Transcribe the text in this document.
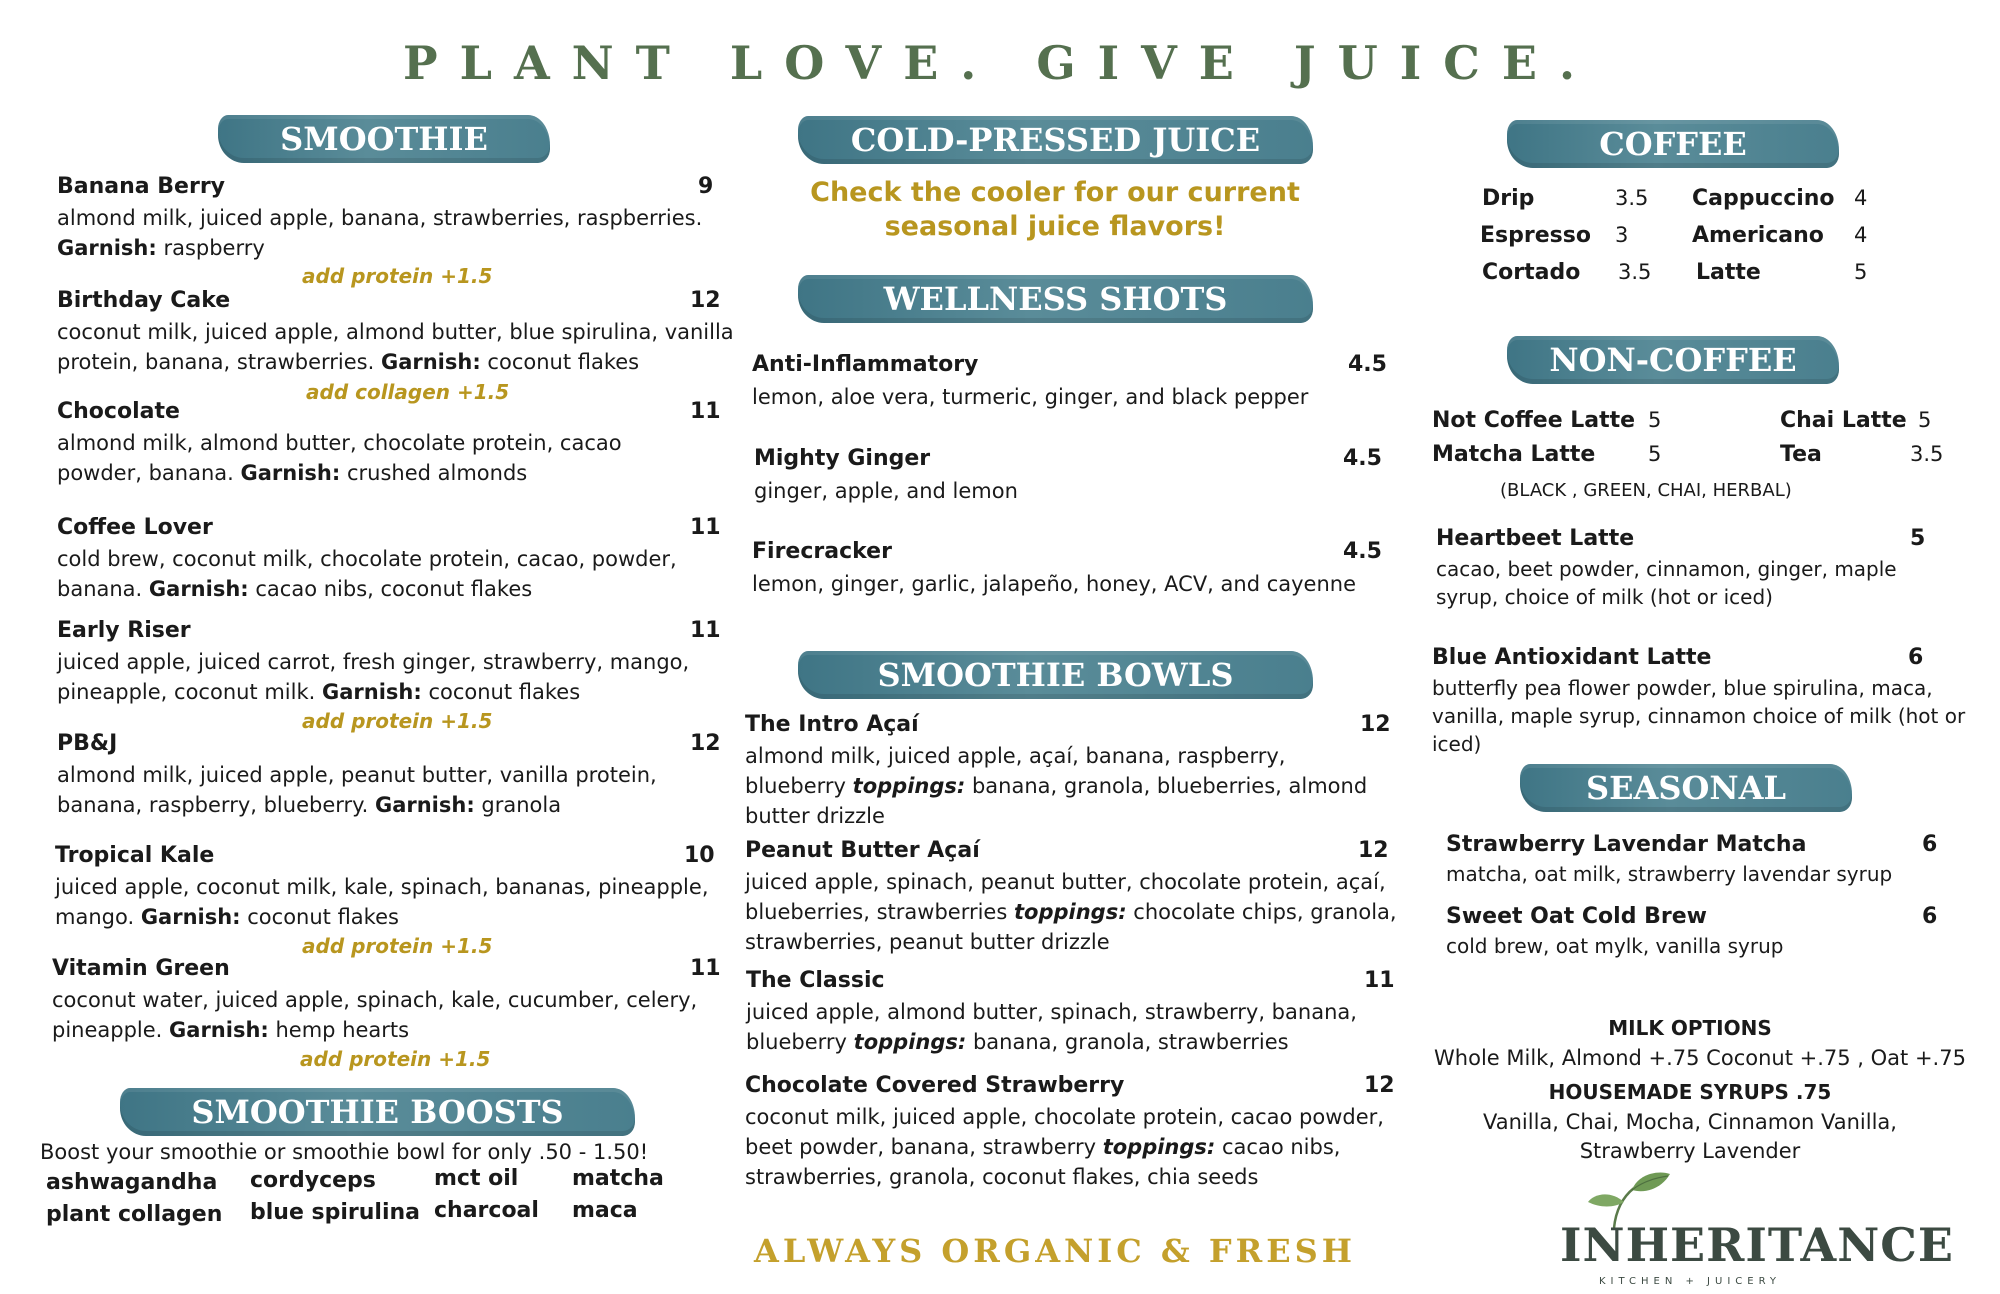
PLANT LOVE. GIVE JUICE.
SMOOTHIE
Banana Berry	9
almond milk, juiced apple, banana, strawberries, raspberries.
Garnish: raspberry
add protein +1.5
Birthday Cake	12
coconut milk, juiced apple, almond butter, blue spirulina, vanilla protein, banana, strawberries. Garnish: coconut flakes
add collagen +1.5
Chocolate	11
almond milk, almond butter, chocolate protein, cacao powder, banana. Garnish: crushed almonds
Coffee Lover	11
cold brew, coconut milk, chocolate protein, cacao, powder, banana. Garnish: cacao nibs, coconut flakes
Early Riser	11
juiced apple, juiced carrot, fresh ginger, strawberry, mango, pineapple, coconut milk. Garnish: coconut flakes
add protein +1.5
PB&J	12
almond milk, juiced apple, peanut butter, vanilla protein, banana, raspberry, blueberry. Garnish: granola
Tropical Kale	10
juiced apple, coconut milk, kale, spinach, bananas, pineapple, mango. Garnish: coconut flakes
add protein +1.5
Vitamin Green	11
coconut water, juiced apple, spinach, kale, cucumber, celery, pineapple. Garnish: hemp hearts
add protein +1.5
SMOOTHIE BOOSTS
Boost your smoothie or smoothie bowl for only .50 - 1.50!
ashwagandha cordyceps	mct oil matcha
plant collagen blue spirulina charcoal maca
COLD-PRESSED JUICE
Check the cooler for our current
seasonal juice flavors!
WELLNESS SHOTS
Anti-Inflammatory	4.5
lemon, aloe vera, turmeric, ginger, and black pepper
Mighty Ginger	4.5
ginger, apple, and lemon
Firecracker	4.5
lemon, ginger, garlic, jalapeño, honey, ACV, and cayenne
SMOOTHIE BOWLS
The Intro Açaí	12
almond milk, juiced apple, açaí, banana, raspberry, blueberry toppings: banana, granola, blueberries, almond butter drizzle
Peanut Butter Açaí	12
juiced apple, spinach, peanut butter, chocolate protein, açaí, blueberries, strawberries toppings: chocolate chips, granola, strawberries, peanut butter drizzle
The Classic	11
juiced apple, almond butter, spinach, strawberry, banana, blueberry toppings: banana, granola, strawberries
Chocolate Covered Strawberry	12
coconut milk, juiced apple, chocolate protein, cacao powder, beet powder, banana, strawberry toppings: cacao nibs, strawberries, granola, coconut flakes, chia seeds
ALWAYS ORGANIC & FRESH
COFFEE
Drip	3.5 Cappuccino 4
Espresso 3	Americano 4
Cortado 3.5 Latte	5
NON-COFFEE
Not Coffee Latte 5	Chai Latte 5
Matcha Latte	5	Tea	3.5
(BLACK , GREEN, CHAI, HERBAL)
Heartbeet Latte	5
cacao, beet powder, cinnamon, ginger, maple syrup, choice of milk (hot or iced)
Blue Antioxidant Latte	6
butterfly pea flower powder, blue spirulina, maca, vanilla, maple syrup, cinnamon choice of milk (hot or iced)
SEASONAL
Strawberry Lavendar Matcha	6
matcha, oat milk, strawberry lavendar syrup
Sweet Oat Cold Brew	6
cold brew, oat mylk, vanilla syrup
MILK OPTIONS
Whole Milk, Almond +.75 Coconut +.75 , Oat +.75
HOUSEMADE SYRUPS .75
Vanilla, Chai, Mocha, Cinnamon Vanilla,
Strawberry Lavender
INHERITANCE
KITCHEN + JUICERY
